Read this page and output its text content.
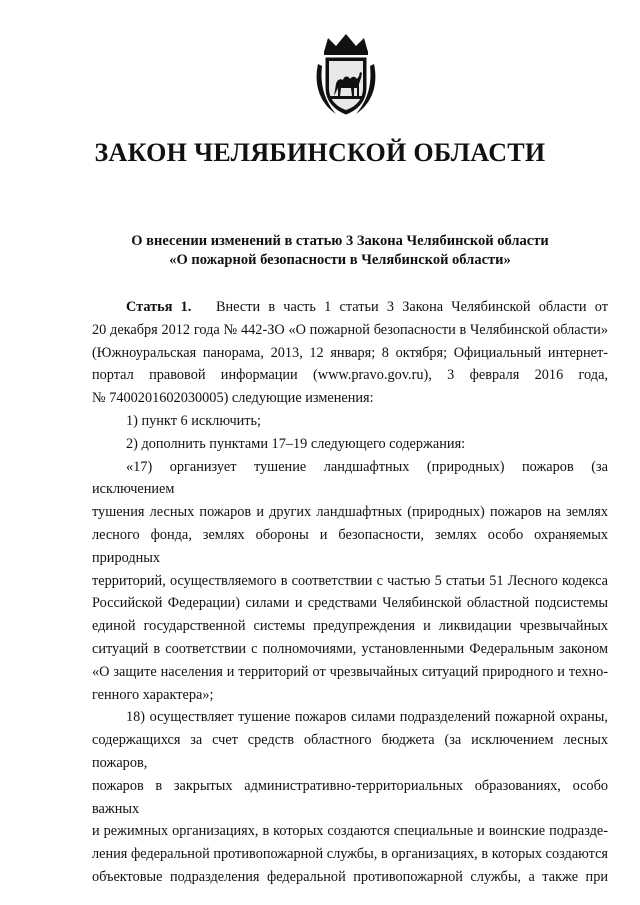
ЗАКОН ЧЕЛЯБИНСКОЙ ОБЛАСТИ
О внесении изменений в статью 3 Закона Челябинской области
«О пожарной безопасности в Челябинской области»

Статья 1. Внести в часть 1 статьи 3 Закона Челябинской области от

20 декабря 2012 года № 442-ЗО «О пожарной безопасности в Челябинской области»

(Южноуральская панорама, 2013, 12 января; 8 октября; Официальный интернет-

портал правовой информации (www.pravo.gov.ru), 3 февраля 2016 года,

№ 7400201602030005) следующие изменения:

1) пункт 6 исключить;

2) дополнить пунктами 17–19 следующего содержания:

«17) организует тушение ландшафтных (природных) пожаров (за исключением

тушения лесных пожаров и других ландшафтных (природных) пожаров на землях

лесного фонда, землях обороны и безопасности, землях особо охраняемых природных

территорий, осуществляемого в соответствии с частью 5 статьи 51 Лесного кодекса

Российской Федерации) силами и средствами Челябинской областной подсистемы

единой государственной системы предупреждения и ликвидации чрезвычайных

ситуаций в соответствии с полномочиями, установленными Федеральным законом

«О защите населения и территорий от чрезвычайных ситуаций природного и техно-

генного характера»;

18) осуществляет тушение пожаров силами подразделений пожарной охраны,

содержащихся за счет средств областного бюджета (за исключением лесных пожаров,

пожаров в закрытых административно-территориальных образованиях, особо важных

и режимных организациях, в которых создаются специальные и воинские подразде-

ления федеральной противопожарной службы, в организациях, в которых создаются

объектовые подразделения федеральной противопожарной службы, а также при
